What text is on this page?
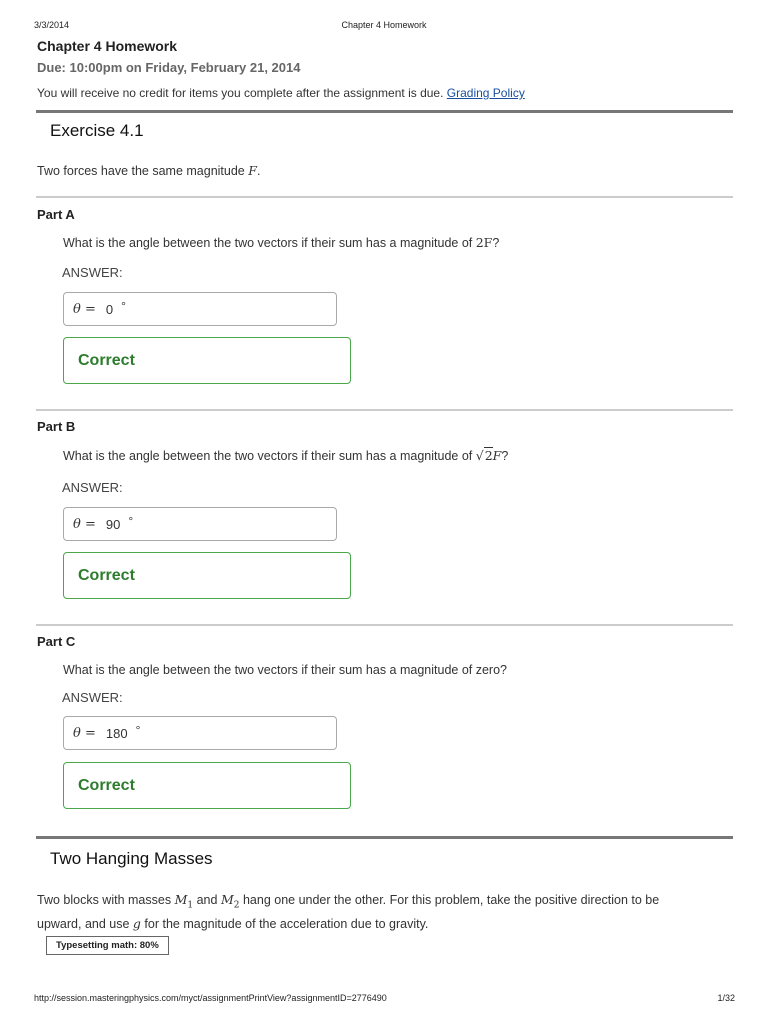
3/3/2014	Chapter 4 Homework
Chapter 4 Homework
Due: 10:00pm on Friday, February 21, 2014
You will receive no credit for items you complete after the assignment is due. Grading Policy
Exercise 4.1
Two forces have the same magnitude F.
Part A
What is the angle between the two vectors if their sum has a magnitude of 2F?
ANSWER:
θ = 0 °
Correct
Part B
What is the angle between the two vectors if their sum has a magnitude of √2F?
ANSWER:
θ = 90 °
Correct
Part C
What is the angle between the two vectors if their sum has a magnitude of zero?
ANSWER:
θ = 180 °
Correct
Two Hanging Masses
Two blocks with masses $M_1$ and $M_2$ hang one under the other. For this problem, take the positive direction to be
upward, and use g for the magnitude of the acceleration due to gravity.
Typesetting math: 80%
http://session.masteringphysics.com/myct/assignmentPrintView?assignmentID=2776490	1/32
